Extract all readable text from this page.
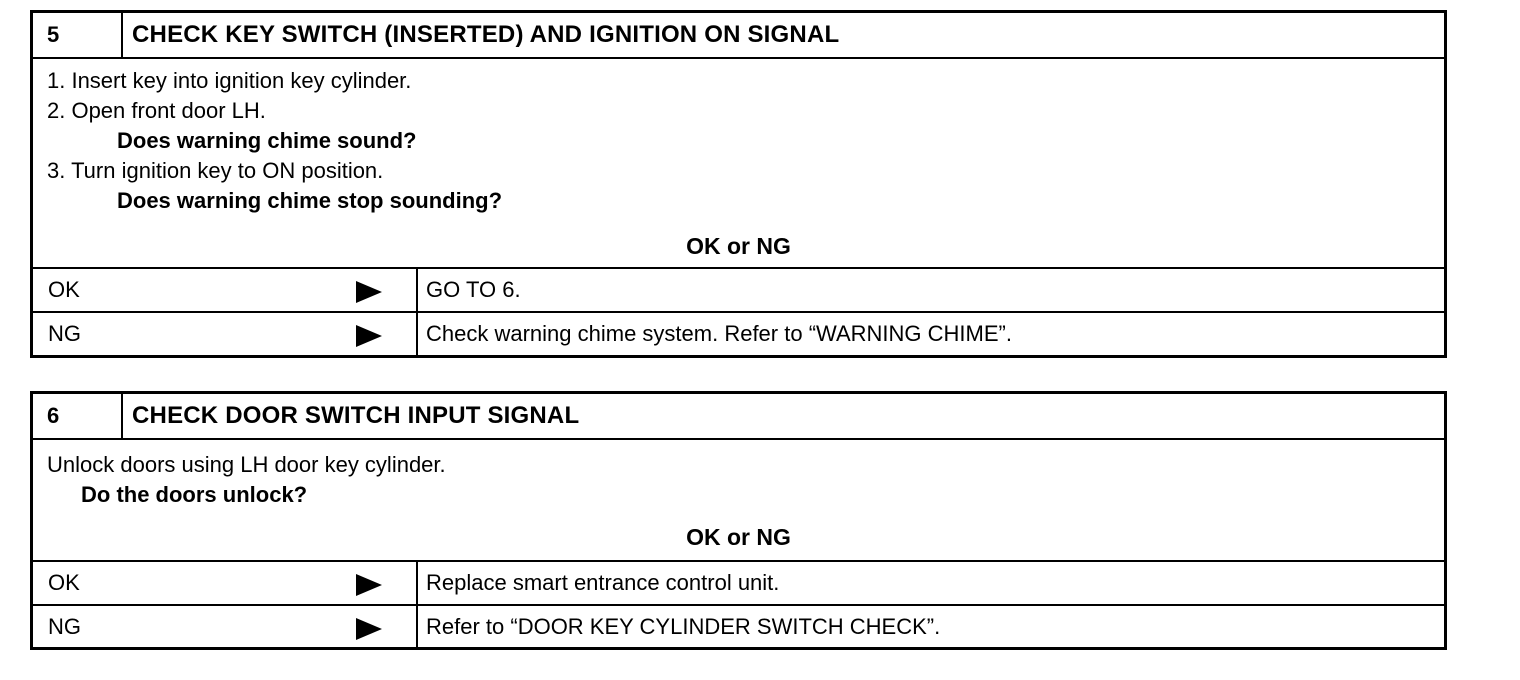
5	CHECK KEY SWITCH (INSERTED) AND IGNITION ON SIGNAL
1. Insert key into ignition key cylinder.
2. Open front door LH.
Does warning chime sound?
3. Turn ignition key to ON position.
Does warning chime stop sounding?
OK or NG
OK	GO TO 6.
NG	Check warning chime system. Refer to “WARNING CHIME”.
6	CHECK DOOR SWITCH INPUT SIGNAL
Unlock doors using LH door key cylinder.
Do the doors unlock?
OK or NG
OK	Replace smart entrance control unit.
NG	Refer to “DOOR KEY CYLINDER SWITCH CHECK”.
